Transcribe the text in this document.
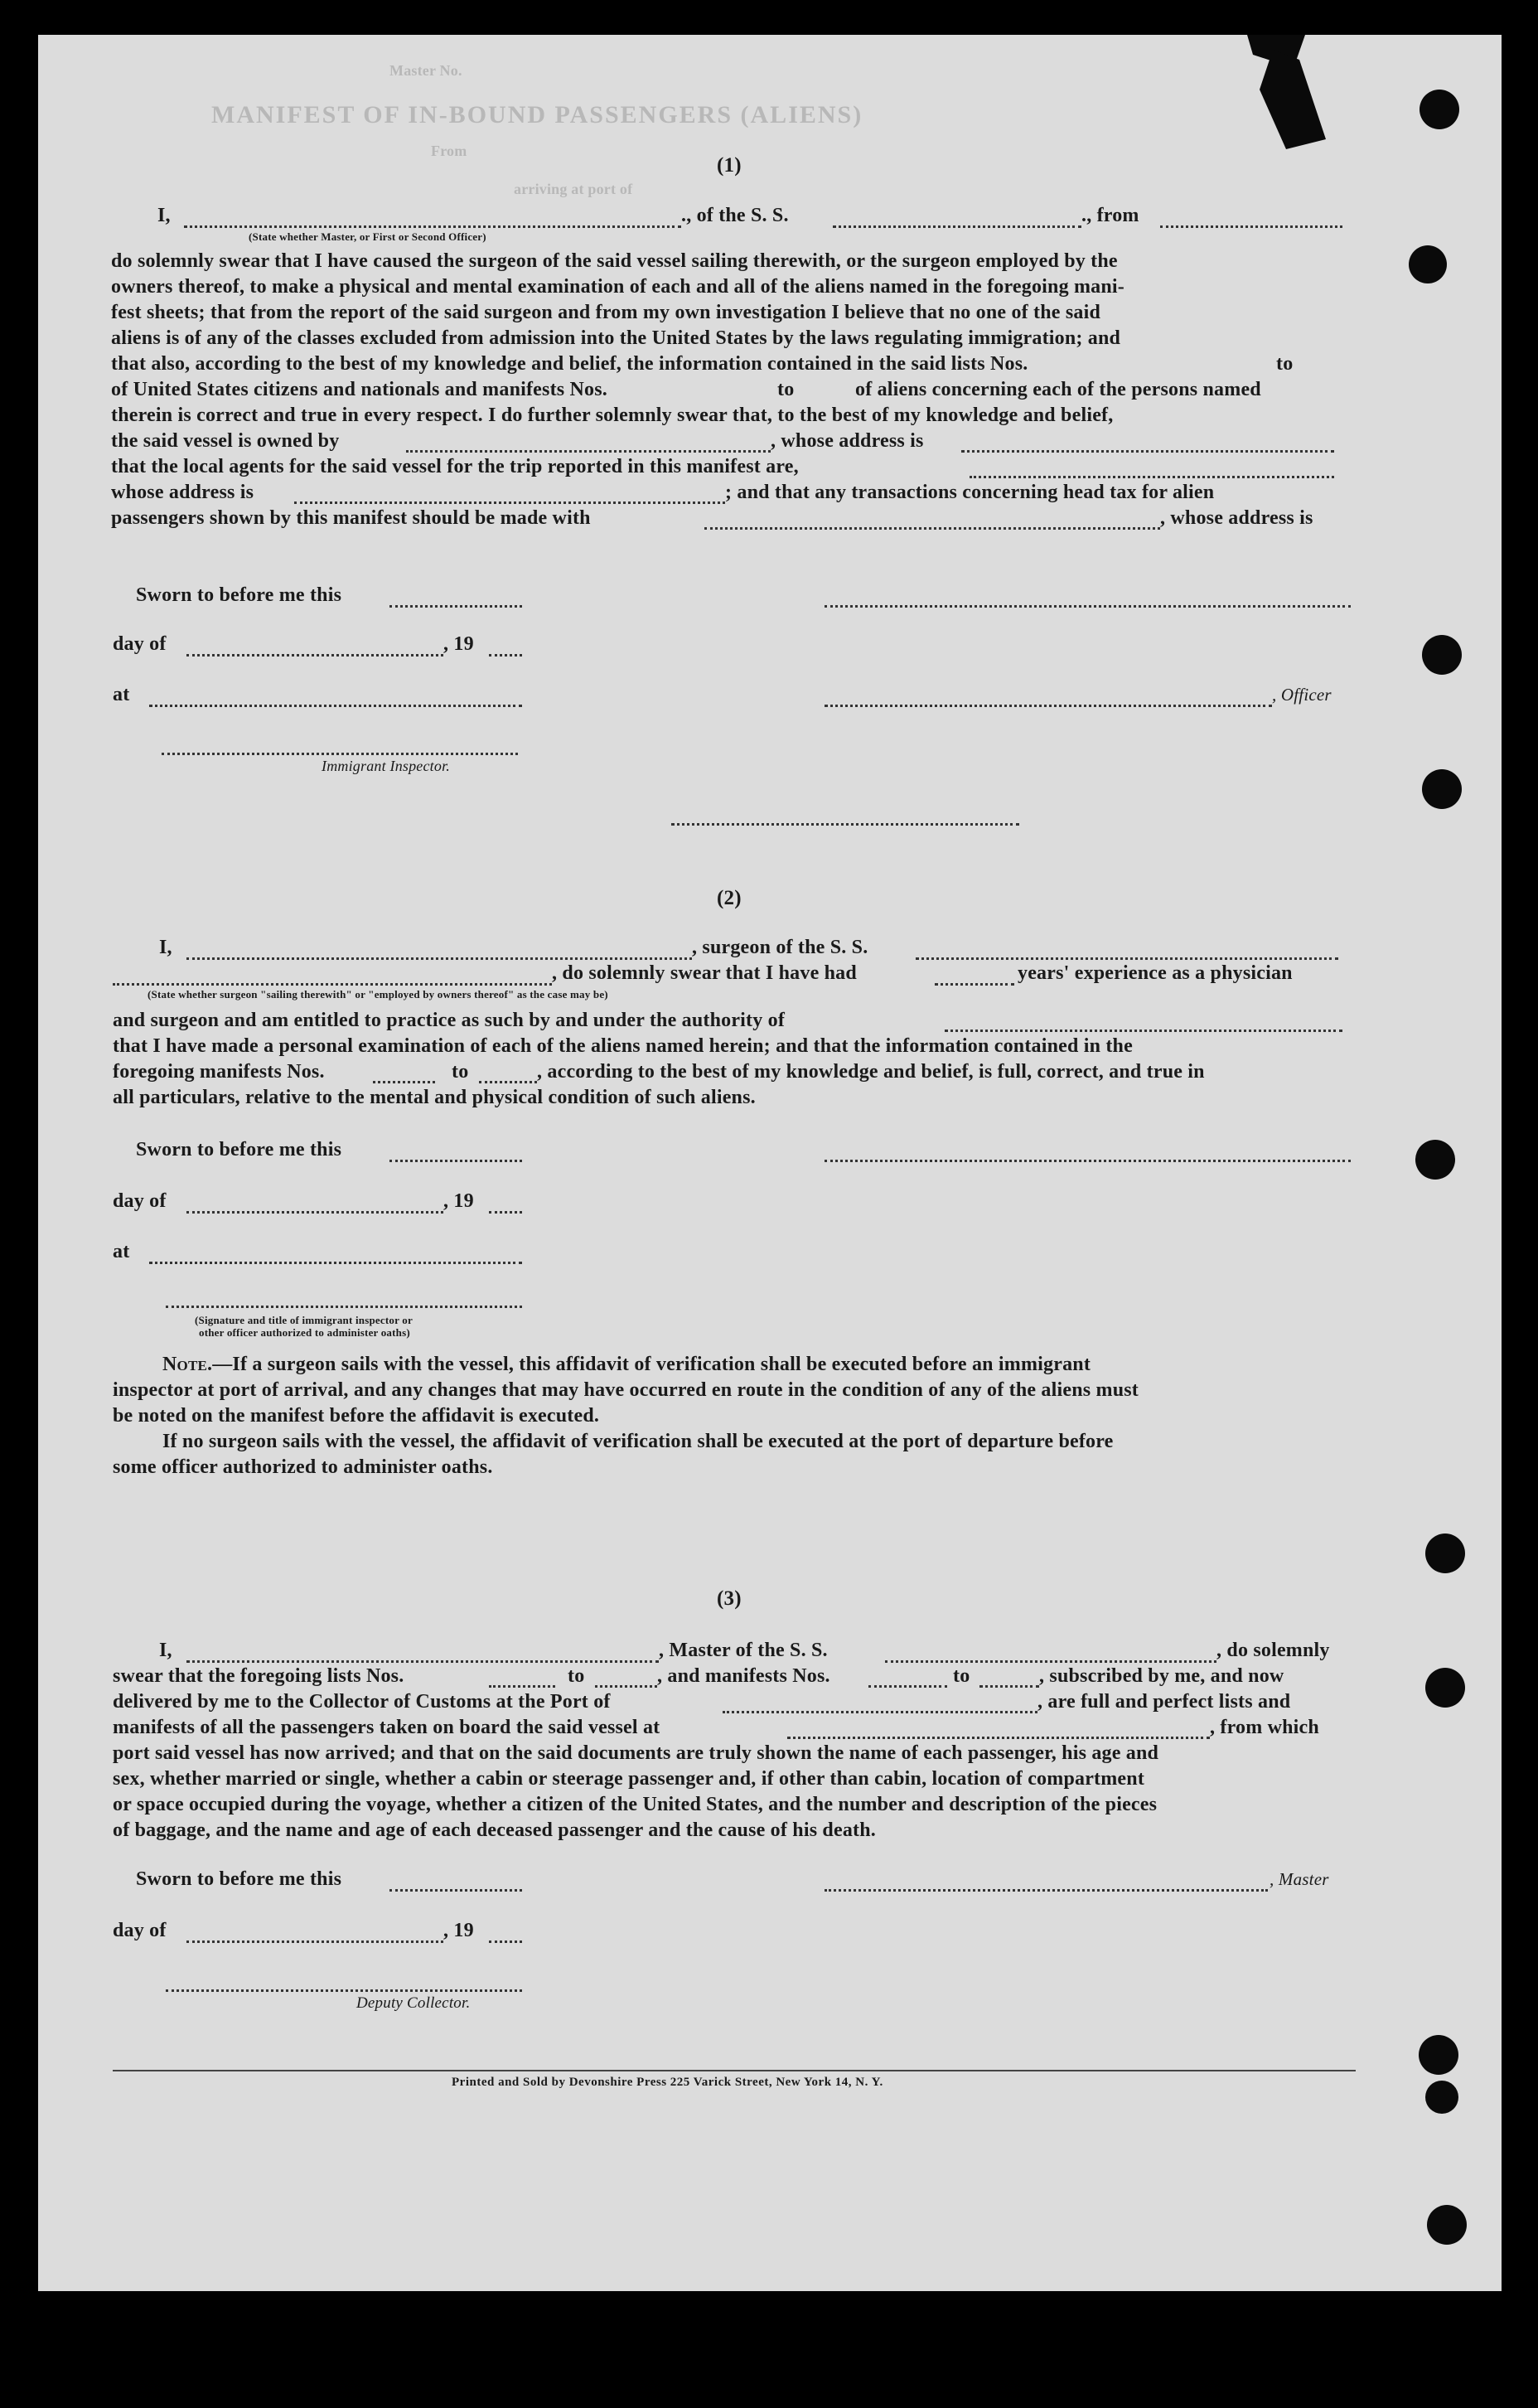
Master No.
MANIFEST OF IN-BOUND PASSENGERS (ALIENS)
From
arriving at port of
(1)
I,	., of the S. S.	., from
(State whether Master, or First or Second Officer)
do solemnly swear that I have caused the surgeon of the said vessel sailing therewith, or the surgeon employed by the
owners thereof, to make a physical and mental examination of each and all of the aliens named in the foregoing mani-
fest sheets; that from the report of the said surgeon and from my own investigation I believe that no one of the said
aliens is of any of the classes excluded from admission into the United States by the laws regulating immigration; and
that also, according to the best of my knowledge and belief, the information contained in the said lists Nos.	to
of United States citizens and nationals and manifests Nos.	to	of aliens concerning each of the persons named
therein is correct and true in every respect. I do further solemnly swear that, to the best of my knowledge and belief,
the said vessel is owned by	, whose address is
that the local agents for the said vessel for the trip reported in this manifest are,
whose address is	; and that any transactions concerning head tax for alien
passengers shown by this manifest should be made with	, whose address is
Sworn to before me this
day of	, 19
at	, Officer
Immigrant Inspector.
(2)
I,	, surgeon of the S. S.
, do solemnly swear that I have had	years' experience as a physician
(State whether surgeon "sailing therewith" or "employed by owners thereof" as the case may be)
and surgeon and am entitled to practice as such by and under the authority of
that I have made a personal examination of each of the aliens named herein; and that the information contained in the
foregoing manifests Nos.	to	, according to the best of my knowledge and belief, is full, correct, and true in
all particulars, relative to the mental and physical condition of such aliens.
Sworn to before me this
day of	, 19
at
(Signature and title of immigrant inspector or
other officer authorized to administer oaths)
Note.—If a surgeon sails with the vessel, this affidavit of verification shall be executed before an immigrant
inspector at port of arrival, and any changes that may have occurred en route in the condition of any of the aliens must
be noted on the manifest before the affidavit is executed.
If no surgeon sails with the vessel, the affidavit of verification shall be executed at the port of departure before
some officer authorized to administer oaths.
(3)
I,	, Master of the S. S.	, do solemnly
swear that the foregoing lists Nos.	to	, and manifests Nos.	to	, subscribed by me, and now
delivered by me to the Collector of Customs at the Port of	, are full and perfect lists and
manifests of all the passengers taken on board the said vessel at	, from which
port said vessel has now arrived; and that on the said documents are truly shown the name of each passenger, his age and
sex, whether married or single, whether a cabin or steerage passenger and, if other than cabin, location of compartment
or space occupied during the voyage, whether a citizen of the United States, and the number and description of the pieces
of baggage, and the name and age of each deceased passenger and the cause of his death.
Sworn to before me this	, Master
day of	, 19
Deputy Collector.
Printed and Sold by Devonshire Press 225 Varick Street, New York 14, N. Y.
